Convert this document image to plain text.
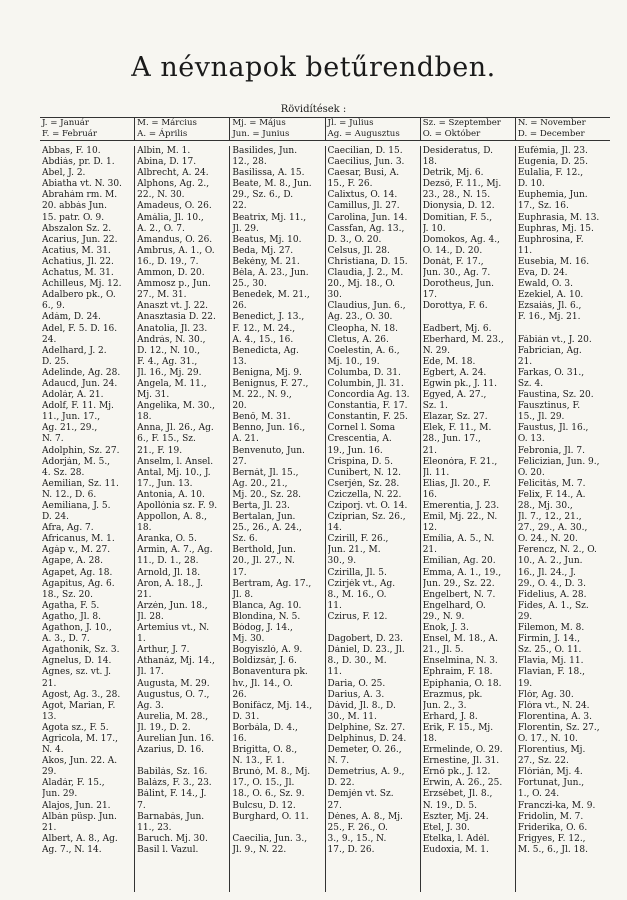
A névnapok betűrendben.
Rövidítések :
J. = Január
F. = Február
M. = Március
A. = Április
Mj. = Május
Jun. = Junius
Jl. = Julius
Ag. = Augusztus
Sz. = Szeptember
O. = Október
N. = November
D. = December
Abbas, F. 10.
Abdiás, pr. D. 1.
Ábel, J. 2.
Abiatha vt. N. 30.
Ábrahám rm. M.
20. abbás Jun.
15. patr. O. 9.
Abszalon Sz. 2.
Acarius, Jun. 22.
Acatius, M. 31.
Achatius, Jl. 22.
Achatus, M. 31.
Achilleus, Mj. 12.
Adalbero pk., O.
6., 9.
Ádám, D. 24.
Adel, F. 5. D. 16.
24.
Adelhard, J. 2.
D. 25.
Adelinde, Ag. 28.
Adaucd, Jun. 24.
Adolár, A. 21.
Adolf, F. 11. Mj.
11., Jun. 17.,
Ag. 21., 29.,
N. 7.
Adolphin, Sz. 27.
Adorján, M. 5.,
4. Sz. 28.
Aemilian, Sz. 11.
N. 12., D. 6.
Aemiliana, J. 5.
D. 24.
Afra, Ag. 7.
Africanus, M. 1.
Agáp v., M. 27.
Agape, A. 28.
Agapet, Ag. 18.
Agapitus, Ag. 6.
18., Sz. 20.
Agatha, F. 5.
Agatho, Jl. 8.
Agathon, J. 10.,
A. 3., D. 7.
Agathonik, Sz. 3.
Agnelus, D. 14.
Agnes, sz. vt. J.
21.
Ágost, Ag. 3., 28.
Agot, Marian, F.
13.
Ágota sz., F. 5.
Agricola, M. 17.,
N. 4.
Ákos, Jun. 22. A.
29.
Aladár, F. 15.,
Jun. 29.
Alajos, Jun. 21.
Albán püsp. Jun.
21.
Albert, A. 8., Ag.
Ag. 7., N. 14.
Albin, M. 1.
Abina, D. 17.
Albrecht, A. 24.
Alphons, Ag. 2.,
22., N. 30.
Amadeus, O. 26.
Amália, Jl. 10.,
A. 2., O. 7.
Amandus, O. 26.
Ambrus, A. 1., O.
16., D. 19., 7.
Ammon, D. 20.
Ammosz p., Jun.
27., M. 31.
Anaszt vt. J. 22.
Anasztasia D. 22.
Anatolia, Jl. 23.
András, N. 30.,
D. 12., N. 10.,
F. 4., Ag. 31.,
Jl. 16., Mj. 29.
Angela, M. 11.,
Mj. 31.
Angelika, M. 30.,
18.
Anna, Jl. 26., Ag.
6., F. 15., Sz.
21., F. 19.
Anselm, l. Ansel.
Antal, Mj. 10., J.
17., Jun. 13.
Antonia, A. 10.
Apollónia sz. F. 9.
Appollon, A. 8.,
18.
Aranka, O. 5.
Ármin, A. 7., Ag.
11., D. 1., 28.
Arnold, Jl. 18.
Áron, A. 18., J.
21.
Arzén, Jun. 18.,
Jl. 28.
Artemius vt., N.
1.
Arthur, J. 7.
Athanáz, Mj. 14.,
Jl. 17.
Augusta, M. 29.
Augustus, O. 7.,
Ag. 3.
Aurelia, M. 28.,
Jl. 19., D. 2.
Aurelian Jun. 16.
Azarius, D. 16.

Babilás, Sz. 16.
Balázs, F. 3., 23.
Bálint, F. 14., J.
7.
Barnabás, Jun.
11., 23.
Baruch. Mj. 30.
Basil l. Vazul.
Basilides, Jun.
12., 28.
Basilissa, A. 15.
Beate, M. 8., Jun.
29., Sz. 6., D.
22.
Beatrix, Mj. 11.,
Jl. 29.
Beatus, Mj. 10.
Beda, Mj. 27.
Bekény, M. 21.
Béla, A. 23., Jun.
25., 30.
Benedek, M. 21.,
26.
Benedict, J. 13.,
F. 12., M. 24.,
A. 4., 15., 16.
Benedicta, Ag.
13.
Benigna, Mj. 9.
Benignus, F. 27.,
M. 22., N. 9.,
20.
Benő, M. 31.
Benno, Jun. 16.,
A. 21.
Benvenuto, Jun.
27.
Bernát, Jl. 15.,
Ag. 20., 21.,
Mj. 20., Sz. 28.
Berta, Jl. 23.
Bertalan, Jun.
25., 26., A. 24.,
Sz. 6.
Berthold, Jun.
20., Jl. 27., N.
17.
Bertram, Ag. 17.,
Jl. 8.
Blanca, Ag. 10.
Blondina, N. 5.
Bódog, J. 14.,
Mj. 30.
Bogyiszló, A. 9.
Boldizsár, J. 6.
Bonaventura pk.
hv., Jl. 14., O.
26.
Bonifácz, Mj. 14.,
D. 31.
Borbála, D. 4.,
16.
Brigitta, O. 8.,
N. 13., F. 1.
Brunó, M. 8., Mj.
17., O. 15., Jl.
18., O. 6., Sz. 9.
Bulcsu, D. 12.
Burghard, O. 11.

Caecilia, Jun. 3.,
Jl. 9., N. 22.
Caecilian, D. 15.
Caecilius, Jun. 3.
Caesar, Busi, A.
15., F. 26.
Calixtus, O. 14.
Camillus, Jl. 27.
Carolina, Jun. 14.
Cassfan, Ag. 13.,
D. 3., O. 20.
Celsus, Jl. 28.
Christiana, D. 15.
Claudia, J. 2., M.
20., Mj. 18., O.
30.
Claudius, Jun. 6.,
Ag. 23., O. 30.
Cleopha, N. 18.
Cletus, A. 26.
Coelestin, A. 6.,
Mj. 10., 19.
Columba, D. 31.
Columbin, Jl. 31.
Concordia Ag. 13.
Constantia, F. 17.
Constantin, F. 25.
Cornel l. Soma
Crescentia, A.
19., Jun. 16.
Crispina, D. 5.
Cunibert, N. 12.
Cserjén, Sz. 28.
Cziczella, N. 22.
Cziporj. vt. O. 14.
Czíprian, Sz. 26.,
14.
Czirill, F. 26.,
Jun. 21., M.
30., 9.
Czirilla, Jl. 5.
Czirjék vt., Ag.
8., M. 16., O.
11.
Czirus, F. 12.

Dagobert, D. 23.
Dániel, D. 23., Jl.
8., D. 30., M.
11.
Daria, O. 25.
Darius, A. 3.
Dávid, Jl. 8., D.
30., M. 11.
Delphine, Sz. 27.
Delphinus, D. 24.
Demeter, O. 26.,
N. 7.
Demetrius, A. 9.,
D. 22.
Demjén vt. Sz.
27.
Dénes, A. 8., Mj.
25., F. 26., O.
3., 9., 15., N.
17., D. 26.
Desideratus, D.
18.
Detrik, Mj. 6.
Dezső, F. 11., Mj.
23., 28., N. 15.
Dionysia, D. 12.
Domitian, F. 5.,
J. 10.
Domokos, Ag. 4.,
O. 14., D. 20.
Donát, F. 17.,
Jun. 30., Ag. 7.
Dorotheus, Jun.
17.
Dorottya, F. 6.

Eadbert, Mj. 6.
Eberhard, M. 23.,
N. 29.
Ede, M. 18.
Egbert, A. 24.
Egwin pk., J. 11.
Egyed, A. 27.,
Sz. 1.
Elazar, Sz. 27.
Elek, F. 11., M.
28., Jun. 17.,
21.
Eleonóra, F. 21.,
Jl. 11.
Elias, Jl. 20., F.
16.
Emerentia, J. 23.
Emil, Mj. 22., N.
12.
Emília, A. 5., N.
21.
Emilian, Ag. 20.
Emma, A. 1., 19.,
Jun. 29., Sz. 22.
Engelbert, N. 7.
Engelhard, O.
29., N. 9.
Enok, J. 3.
Ensel, M. 18., A.
21., Jl. 5.
Enselmina, N. 3.
Ephraim, F. 18.
Epiphania, O. 18.
Erazmus, pk.
Jun. 2., 3.
Erhard, J. 8.
Erik, F. 15., Mj.
18.
Ermelinde, O. 29.
Ernestine, Jl. 31.
Ernő pk., J. 12.
Erwin, A. 26., 25.
Erzsébet, Jl. 8.,
N. 19., D. 5.
Eszter, Mj. 24.
Etel, J. 30.
Etelka, l. Adél.
Eudoxia, M. 1.
Eufémia, Jl. 23.
Eugenia, D. 25.
Eulalia, F. 12.,
D. 10.
Euphemia, Jun.
17., Sz. 16.
Euphrasia, M. 13.
Euphras, Mj. 15.
Euphrosina, F.
11.
Eusebia, M. 16.
Éva, D. 24.
Ewald, O. 3.
Ezekiel, A. 10.
Ezsaiás, Jl. 6.,
F. 16., Mj. 21.

Fábián vt., J. 20.
Fabrician, Ag.
21.
Farkas, O. 31.,
Sz. 4.
Faustina, Sz. 20.
Fausztinus, F.
15., Jl. 29.
Faustus, Jl. 16.,
O. 13.
Febronia, Jl. 7.
Felicizian, Jun. 9.,
O. 20.
Felicitás, M. 7.
Felix, F. 14., A.
28., Mj. 30.,
Jl. 7., 12., 21.,
27., 29., A. 30.,
O. 24., N. 20.
Ferencz, N. 2., O.
10., A. 2., Jun.
16., Jl. 24., J.
29., O. 4., D. 3.
Fidelius, A. 28.
Fides, A. 1., Sz.
29.
Filemon, M. 8.
Firmin, J. 14.,
Sz. 25., O. 11.
Flavia, Mj. 11.
Flavian, F. 18.,
19.
Flór, Ag. 30.
Flóra vt., N. 24.
Florentina, A. 3.
Florentin, Sz. 27.,
O. 17., N. 10.
Florentius, Mj.
27., Sz. 22.
Flórián, Mj. 4.
Fortunat, Jun.,
1., O. 24.
Franczi-ka, M. 9.
Fridolin, M. 7.
Friderika, O. 6.
Frigyes, F. 12.,
M. 5., 6., Jl. 18.
